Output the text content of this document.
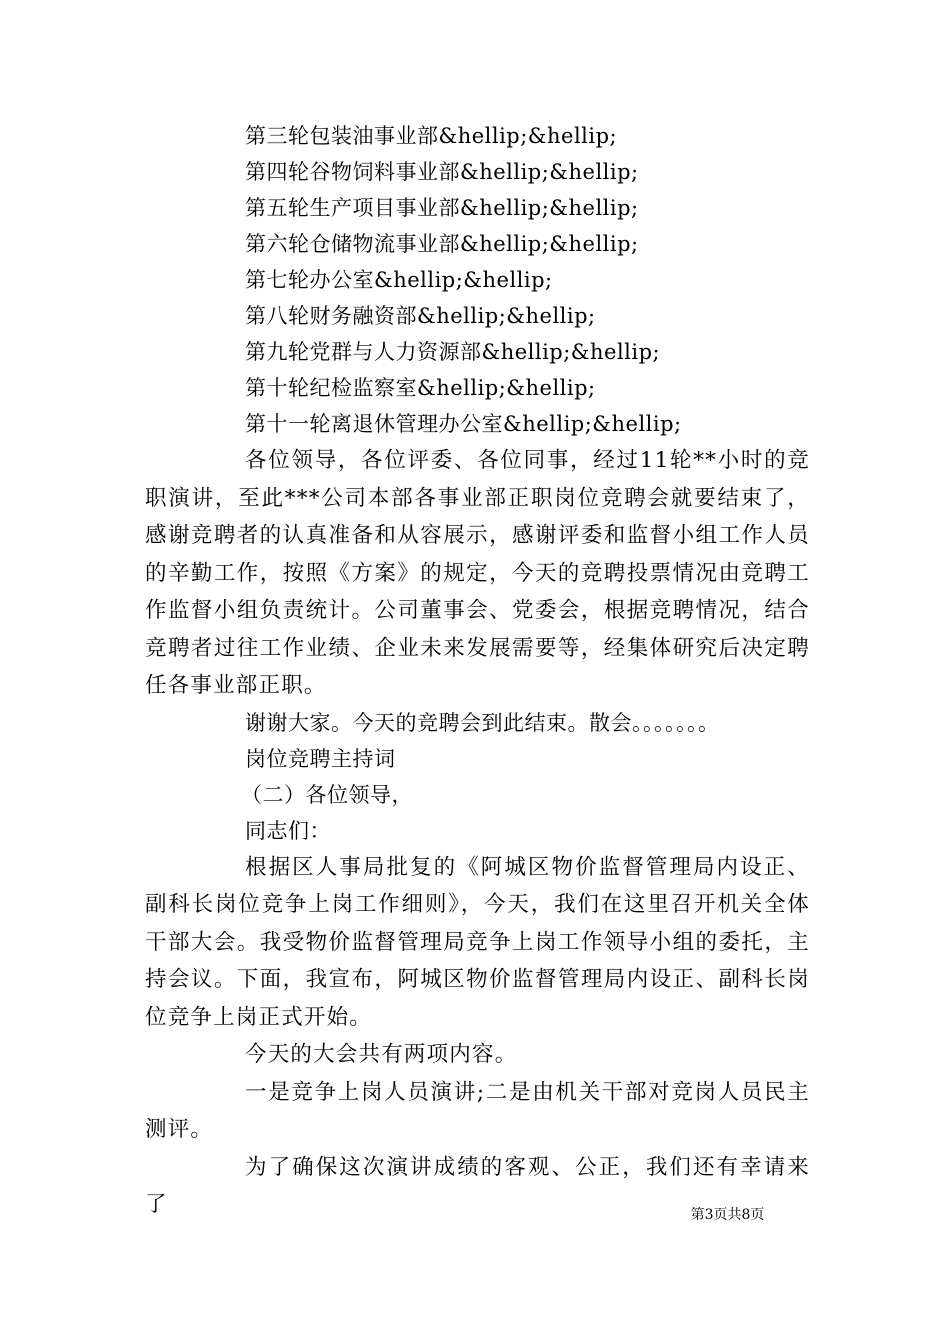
第三轮包装油事业部&hellip;&hellip;
第四轮谷物饲料事业部&hellip;&hellip;
第五轮生产项目事业部&hellip;&hellip;
第六轮仓储物流事业部&hellip;&hellip;
第七轮办公室&hellip;&hellip;
第八轮财务融资部&hellip;&hellip;
第九轮党群与人力资源部&hellip;&hellip;
第十轮纪检监察室&hellip;&hellip;
第十一轮离退休管理办公室&hellip;&hellip;
各位领导，各位评委、各位同事，经过11轮**小时的竞职演讲，至此***公司本部各事业部正职岗位竞聘会就要结束了，感谢竞聘者的认真准备和从容展示，感谢评委和监督小组工作人员的辛勤工作，按照《方案》的规定，今天的竞聘投票情况由竞聘工作监督小组负责统计。公司董事会、党委会，根据竞聘情况，结合竞聘者过往工作业绩、企业未来发展需要等，经集体研究后决定聘任各事业部正职。
谢谢大家。今天的竞聘会到此结束。散会。。。。。。。
岗位竞聘主持词
（二）各位领导，
同志们：
根据区人事局批复的《阿城区物价监督管理局内设正、副科长岗位竞争上岗工作细则》，今天，我们在这里召开机关全体干部大会。我受物价监督管理局竞争上岗工作领导小组的委托，主持会议。下面，我宣布，阿城区物价监督管理局内设正、副科长岗位竞争上岗正式开始。
今天的大会共有两项内容。
一是竞争上岗人员演讲;二是由机关干部对竞岗人员民主测评。
为了确保这次演讲成绩的客观、公正，我们还有幸请来了	第3页共8页
